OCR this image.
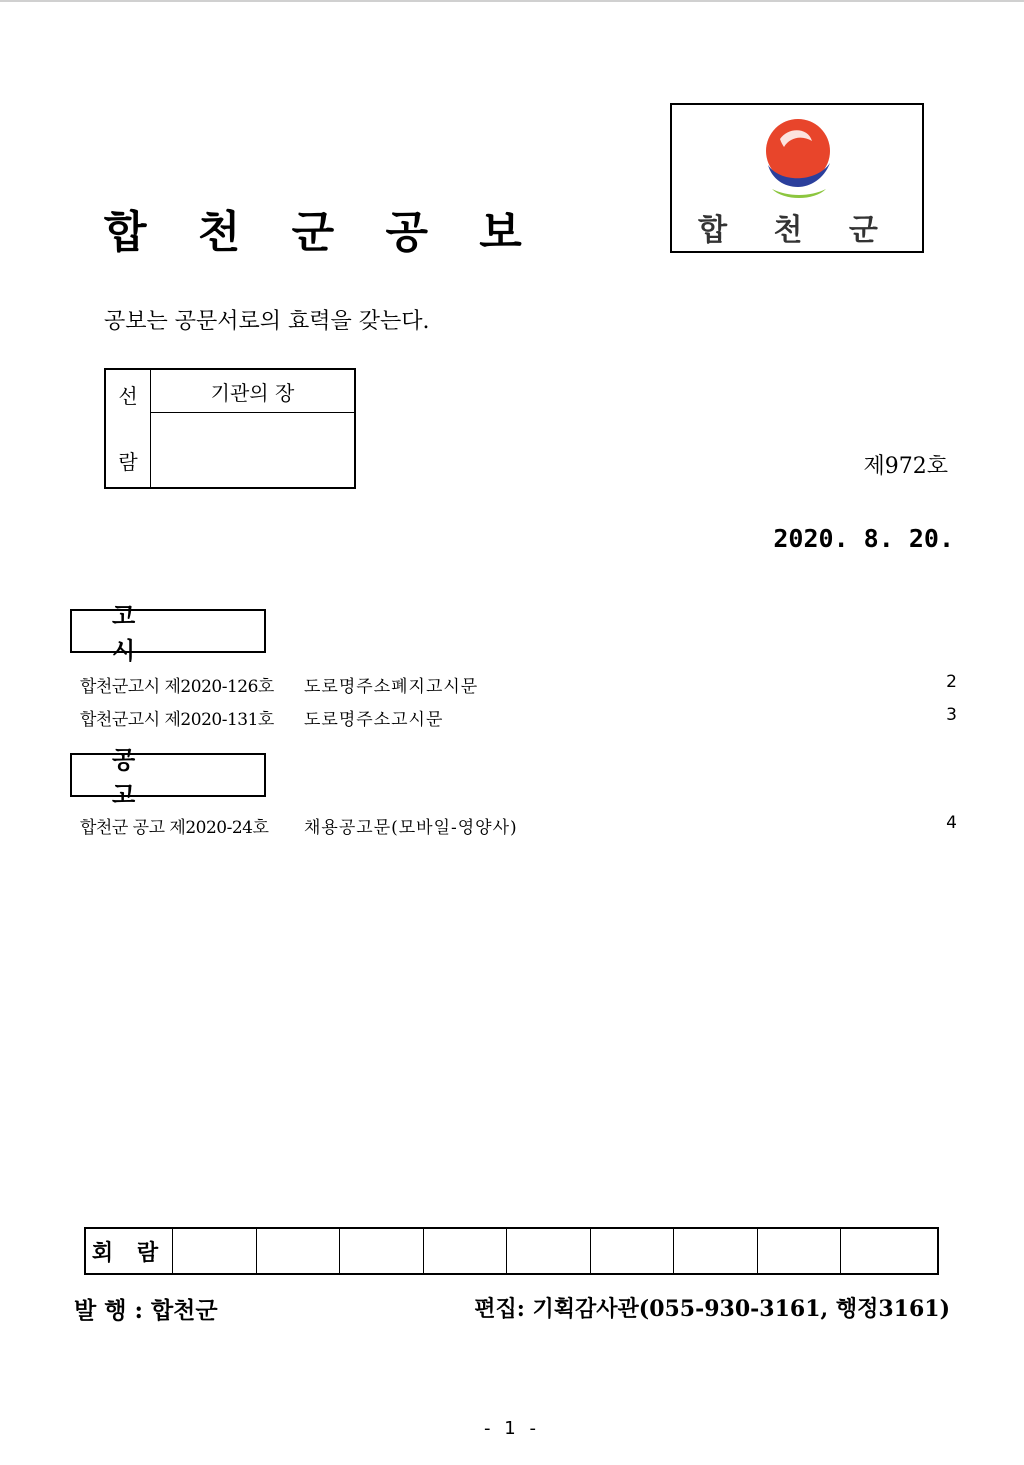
합 천 군 공 보	합 천 군
공보는 공문서로의 효력을 갖는다.
선
람
	기관의 장

제972호
2020. 8. 20.
고 시
합천군고시 제2020-126호 도로명주소폐지고시문	2
합천군고시 제2020-131호 도로명주소고시문	3
공 고
합천군 공고 제2020-24호 채용공고문(모바일-영양사)	4
회 람									
발 행 : 합천군	편집: 기획감사관(055-930-3161, 행정3161)
- 1 -
